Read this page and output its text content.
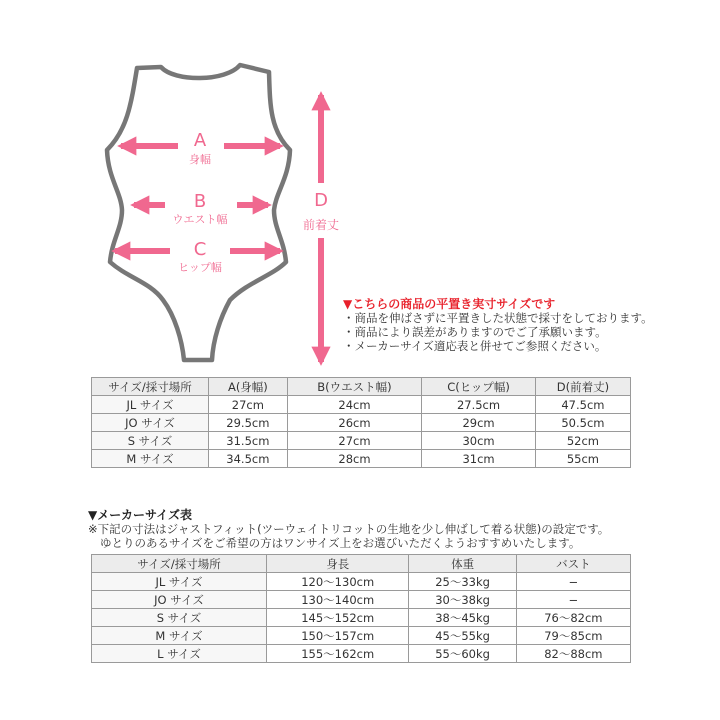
A
身幅
B
ウエスト幅
C
ヒップ幅
D
前着丈
▼こちらの商品の平置き実寸サイズです
・商品を伸ばさずに平置きした状態で採寸をしております。
・商品により誤差がありますのでご了承願います。
・メーカーサイズ適応表と併せてご参照ください。
サイズ/採寸場所	A(身幅)	B(ウエスト幅)	C(ヒップ幅)	D(前着丈)
JL サイズ	27cm	24cm	27.5cm	47.5cm
JO サイズ	29.5cm	26cm	29cm	50.5cm
S サイズ	31.5cm	27cm	30cm	52cm
M サイズ	34.5cm	28cm	31cm	55cm
▼メーカーサイズ表
※下記の寸法はジャストフィット(ツーウェイトリコットの生地を少し伸ばして着る状態)の設定です。
ゆとりのあるサイズをご希望の方はワンサイズ上をお選びいただくようおすすめいたします。
サイズ/採寸場所	身長	体重	バスト
JL サイズ	120〜130cm	25〜33kg	−
JO サイズ	130〜140cm	30〜38kg	−
S サイズ	145〜152cm	38〜45kg	76〜82cm
M サイズ	150〜157cm	45〜55kg	79〜85cm
L サイズ	155〜162cm	55〜60kg	82〜88cm
